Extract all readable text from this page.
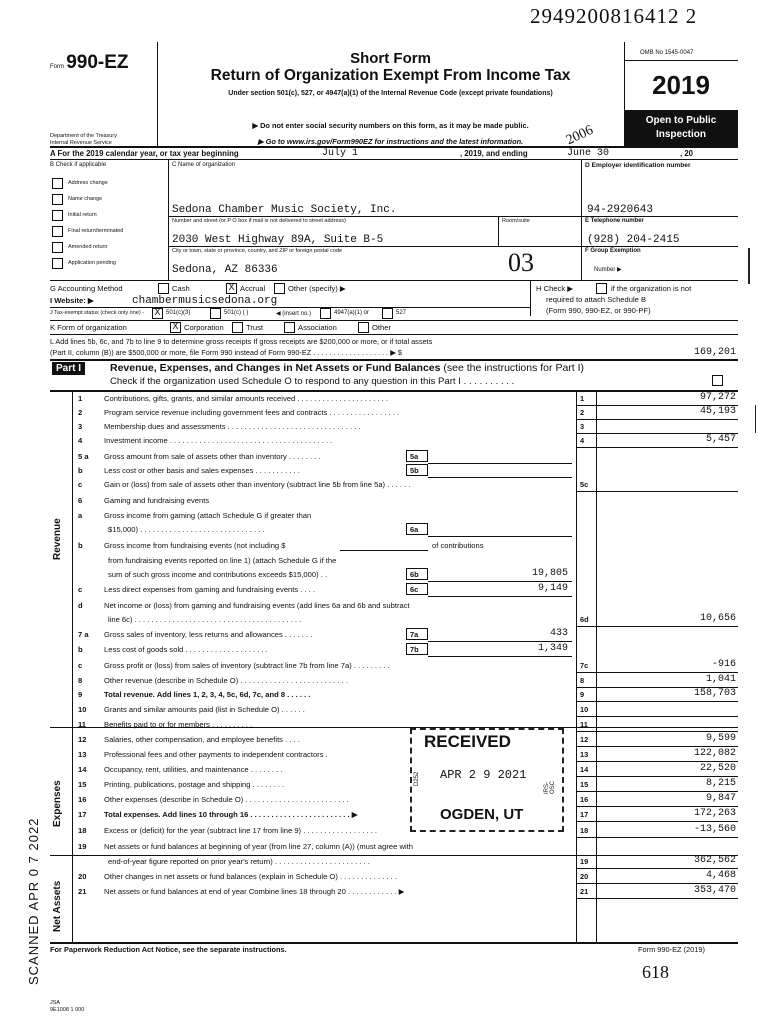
2949200816412 2
Form 990-EZ
Department of the Treasury
Internal Revenue Service
Short Form
Return of Organization Exempt From Income Tax
Under section 501(c), 527, or 4947(a)(1) of the Internal Revenue Code (except private foundations)
▶ Do not enter social security numbers on this form, as it may be made public.
▶ Go to www.irs.gov/Form990EZ for instructions and the latest information.	2006
OMB No 1545-0047
2019
Open to Public
Inspection
A For the 2019 calendar year, or tax year beginning	July 1	, 2019, and ending	June 30	, 20
B Check if applicable
Address change
Name change
Initial return
Final return/terminated
Amended return
Application pending
C Name of organization
Sedona Chamber Music Society, Inc.
Number and street (or P O box if mail is not delivered to street address)	Room/suite
2030 West Highway 89A, Suite B-5
City or town, state or province, country, and ZIP or foreign postal code
Sedona, AZ 86336	03
D Employer identification number
94-2920643
E Telephone number
(928) 204-2415
F Group Exemption
Number ▶
G Accounting Method	Cash	X Accrual	Other (specify) ▶	H Check ▶	if the organization is not
required to attach Schedule B
(Form 990, 990-EZ, or 990-PF)
I Website: ▶	chambermusicsedona.org
J Tax-exempt status (check only one) - X 501(c)(3)	501(c) ( )	◀ (insert no.)	4947(a)(1) or	527
K Form of organization	X Corporation	Trust	Association	Other
L Add lines 5b, 6c, and 7b to line 9 to determine gross receipts If gross receipts are $200,000 or more, or if total assets
(Part II, column (B)) are $500,000 or more, file Form 990 instead of Form 990-EZ . . . . . . . . . . . . . . . . . . . ▶ $	169,201
Part I	Revenue, Expenses, and Changes in Net Assets or Fund Balances (see the instructions for Part I)
Check if the organization used Schedule O to respond to any question in this Part I . . . . . . . . . .
Revenue
Expenses
Net Assets
1	Contributions, gifts, grants, and similar amounts received . . . . . . . . . . . . . . . . . . . . . .	1	97,272
2	Program service revenue including government fees and contracts . . . . . . . . . . . . . . . . .	2	45,193
3	Membership dues and assessments . . . . . . . . . . . . . . . . . . . . . . . . . . . . . . . .	3
4	Investment income . . . . . . . . . . . . . . . . . . . . . . . . . . . . . . . . . . . . . . .	4	5,457
5 a Gross amount from sale of assets other than inventory . . . . . . . .	5a
b	Less cost or other basis and sales expenses . . . . . . . . . . .	5b
c	Gain or (loss) from sale of assets other than inventory (subtract line 5b from line 5a) . . . . . .	5c
6	Gaming and fundraising events
a	Gross income from gaming (attach Schedule G if greater than
$15,000) . . . . . . . . . . . . . . . . . . . . . . . . . . . . . .	6a
b	Gross income from fundraising events (not including $	of contributions
from fundraising events reported on line 1) (attach Schedule G if the
sum of such gross income and contributions exceeds $15,000) . .	6b	19,805
c	Less direct expenses from gaming and fundraising events . . . .	6c	9,149
d	Net income or (loss) from gaming and fundraising events (add lines 6a and 6b and subtract
line 6c) . . . . . . . . . . . . . . . . . . . . . . . . . . . . . . . . . . . . . . . .	6d	10,656
7 a Gross sales of inventory, less returns and allowances . . . . . . .	7a	433
b	Less cost of goods sold . . . . . . . . . . . . . . . . . . . .	7b	1,349
c	Gross profit or (loss) from sales of inventory (subtract line 7b from line 7a) . . . . . . . . .	7c	-916
8	Other revenue (describe in Schedule O) . . . . . . . . . . . . . . . . . . . . . . . . . .	8	1,041
9	Total revenue. Add lines 1, 2, 3, 4, 5c, 6d, 7c, and 8 . . . . . .	9	158,703
10 Grants and similar amounts paid (list in Schedule O) . . . . . .	10
11 Benefits paid to or for members . . . . . . . . . .	11
12 Salaries, other compensation, and employee benefits . . . .	12	9,599
13 Professional fees and other payments to independent contractors .	13	122,082
14 Occupancy, rent, utilities, and maintenance . . . . . . . .	14	22,520
15 Printing, publications, postage and shipping . . . . . . . .	15	8,215
16 Other expenses (describe in Schedule O) . . . . . . . . . . . . . . . . . . . . . . . . .	16	9,847
17 Total expenses. Add lines 10 through 16 . . . . . . . . . . . . . . . . . . . . . . . . ▶	17	172,263
18 Excess or (deficit) for the year (subtract line 17 from line 9) . . . . . . . . . . . . . . . . . .	18	-13,560
19 Net assets or fund balances at beginning of year (from line 27, column (A)) (must agree with
end-of-year figure reported on prior year's return) . . . . . . . . . . . . . . . . . . . . . . .	19	362,562
20 Other changes in net assets or fund balances (explain in Schedule O) . . . . . . . . . . . . . .	20	4,468
21 Net assets or fund balances at end of year Combine lines 18 through 20 . . . . . . . . . . . . ▶	21	353,470
RECEIVED
APR 2 9 2021
OGDEN, UT
D252
IRS-OSC
SCANNED APR 0 7 2022 For Paperwork Reduction Act Notice, see the separate instructions.	Form 990-EZ (2019)
618
JSA
9E1008 1 000
